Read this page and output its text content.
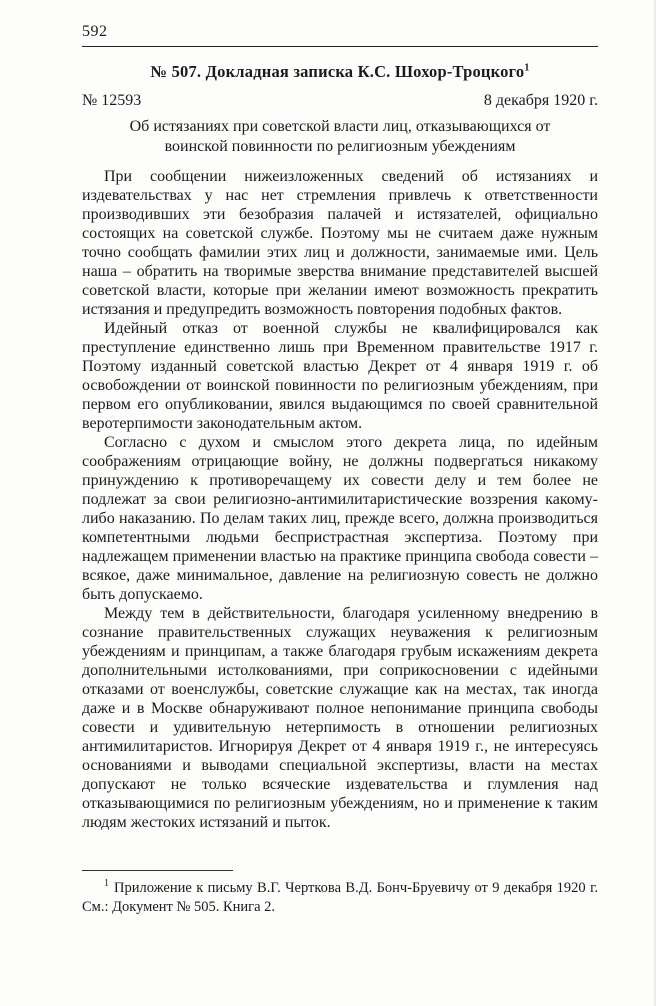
592
№ 507. Докладная записка К.С. Шохор-Троцкого$^1$
№ 12593	8 декабря 1920 г.
Об истязаниях при советской власти лиц, отказывающихся от воинской повинности по религиозным убеждениям

При сообщении нижеизложенных сведений об истязаниях и издевательствах у нас нет стремления привлечь к ответственности производивших эти безобразия палачей и истязателей, официально состоящих на советской службе. Поэтому мы не считаем даже нужным точно сообщать фамилии этих лиц и должности, занимаемые ими. Цель наша – обратить на творимые зверства внимание представителей высшей советской власти, которые при желании имеют возможность прекратить истязания и предупредить возможность повторения подобных фактов.

Идейный отказ от военной службы не квалифицировался как преступление единственно лишь при Временном правительстве 1917 г. Поэтому изданный советской властью Декрет от 4 января 1919 г. об освобождении от воинской повинности по религиозным убеждениям, при первом его опубликовании, явился выдающимся по своей сравнительной веротерпимости законодательным актом.

Согласно с духом и смыслом этого декрета лица, по идейным соображениям отрицающие войну, не должны подвергаться никакому принуждению к противоречащему их совести делу и тем более не подлежат за свои религиозно-антимилитаристические воззрения какому-либо наказанию. По делам таких лиц, прежде всего, должна производиться компетентными людьми беспристрастная экспертиза. Поэтому при надлежащем применении властью на практике принципа свобода совести – всякое, даже минимальное, давление на религиозную совесть не должно быть допускаемо.

Между тем в действительности, благодаря усиленному внедрению в сознание правительственных служащих неуважения к религиозным убеждениям и принципам, а также благодаря грубым искажениям декрета дополнительными истолкованиями, при соприкосновении с идейными отказами от военслужбы, советские служащие как на местах, так иногда даже и в Москве обнаруживают полное непонимание принципа свободы совести и удивительную нетерпимость в отношении религиозных антимилитаристов. Игнорируя Декрет от 4 января 1919 г., не интересуясь основаниями и выводами специальной экспертизы, власти на местах допускают не только всяческие издевательства и глумления над отказывающимися по религиозным убеждениям, но и применение к таким людям жестоких истязаний и пыток.

$^1$ Приложение к письму В.Г. Черткова В.Д. Бонч-Бруевичу от 9 декабря 1920 г. См.: Документ № 505. Книга 2.
